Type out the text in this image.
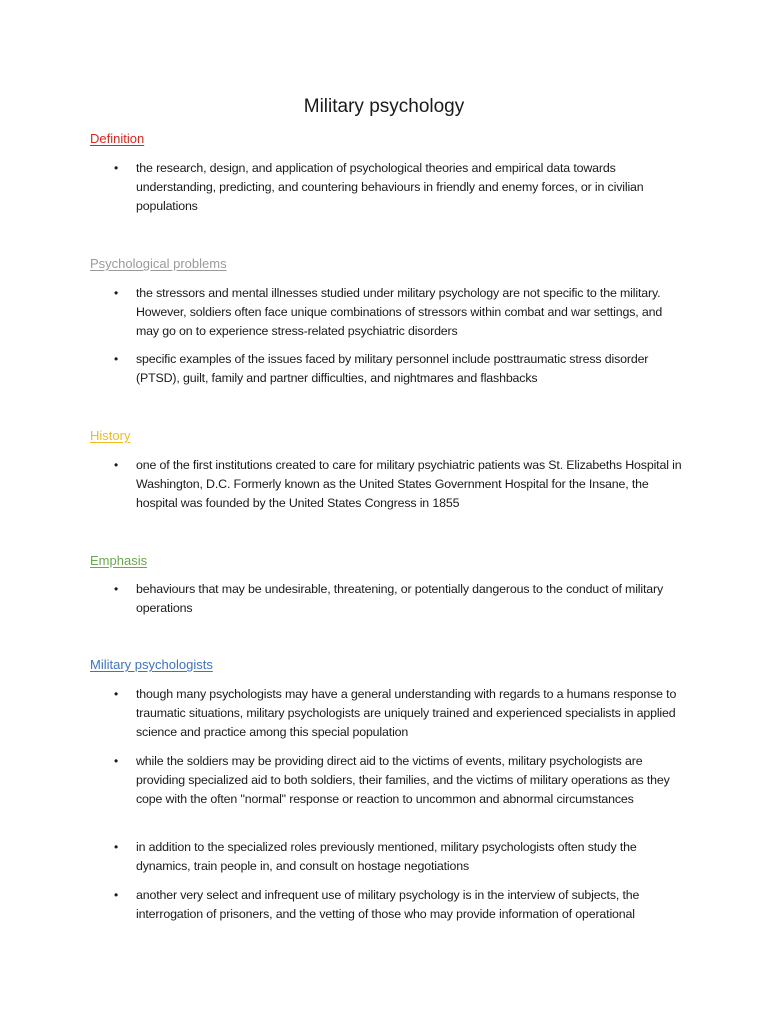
Military psychology
Definition
• the research, design, and application of psychological theories and empirical data towards understanding, predicting, and countering behaviours in friendly and enemy forces, or in civilian populations
Psychological problems
• the stressors and mental illnesses studied under military psychology are not specific to the military. However, soldiers often face unique combinations of stressors within combat and war settings, and may go on to experience stress-related psychiatric disorders
• specific examples of the issues faced by military personnel include posttraumatic stress disorder (PTSD), guilt, family and partner difficulties, and nightmares and flashbacks
History
• one of the first institutions created to care for military psychiatric patients was St. Elizabeths Hospital in Washington, D.C. Formerly known as the United States Government Hospital for the Insane, the hospital was founded by the United States Congress in 1855
Emphasis
• behaviours that may be undesirable, threatening, or potentially dangerous to the conduct of military operations
Military psychologists
• though many psychologists may have a general understanding with regards to a humans response to traumatic situations, military psychologists are uniquely trained and experienced specialists in applied science and practice among this special population
• while the soldiers may be providing direct aid to the victims of events, military psychologists are providing specialized aid to both soldiers, their families, and the victims of military operations as they cope with the often "normal" response or reaction to uncommon and abnormal circumstances
• in addition to the specialized roles previously mentioned, military psychologists often study the dynamics, train people in, and consult on hostage negotiations
• another very select and infrequent use of military psychology is in the interview of subjects, the interrogation of prisoners, and the vetting of those who may provide information of operational
